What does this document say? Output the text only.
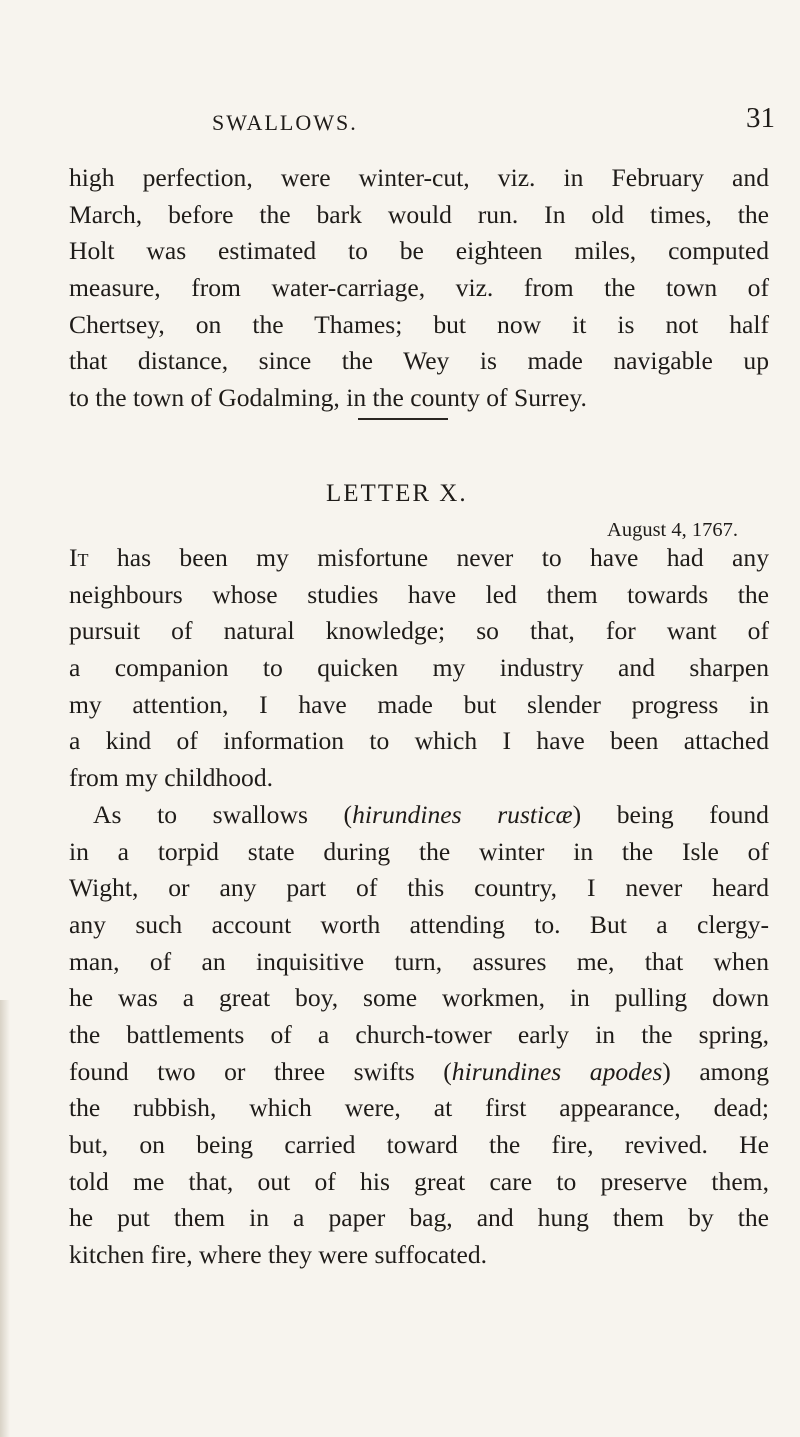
SWALLOWS.	31
high perfection, were winter-cut, viz. in February and
March, before the bark would run. In old times, the
Holt was estimated to be eighteen miles, computed
measure, from water-carriage, viz. from the town of
Chertsey, on the Thames; but now it is not half
that distance, since the Wey is made navigable up
to the town of Godalming, in the county of Surrey.
LETTER X.
August 4, 1767.
It has been my misfortune never to have had any
neighbours whose studies have led them towards the
pursuit of natural knowledge; so that, for want of
a companion to quicken my industry and sharpen
my attention, I have made but slender progress in
a kind of information to which I have been attached
from my childhood.
As to swallows (hirundines rusticæ) being found
in a torpid state during the winter in the Isle of
Wight, or any part of this country, I never heard
any such account worth attending to. But a clergy-
man, of an inquisitive turn, assures me, that when
he was a great boy, some workmen, in pulling down
the battlements of a church-tower early in the spring,
found two or three swifts (hirundines apodes) among
the rubbish, which were, at first appearance, dead;
but, on being carried toward the fire, revived. He
told me that, out of his great care to preserve them,
he put them in a paper bag, and hung them by the
kitchen fire, where they were suffocated.
